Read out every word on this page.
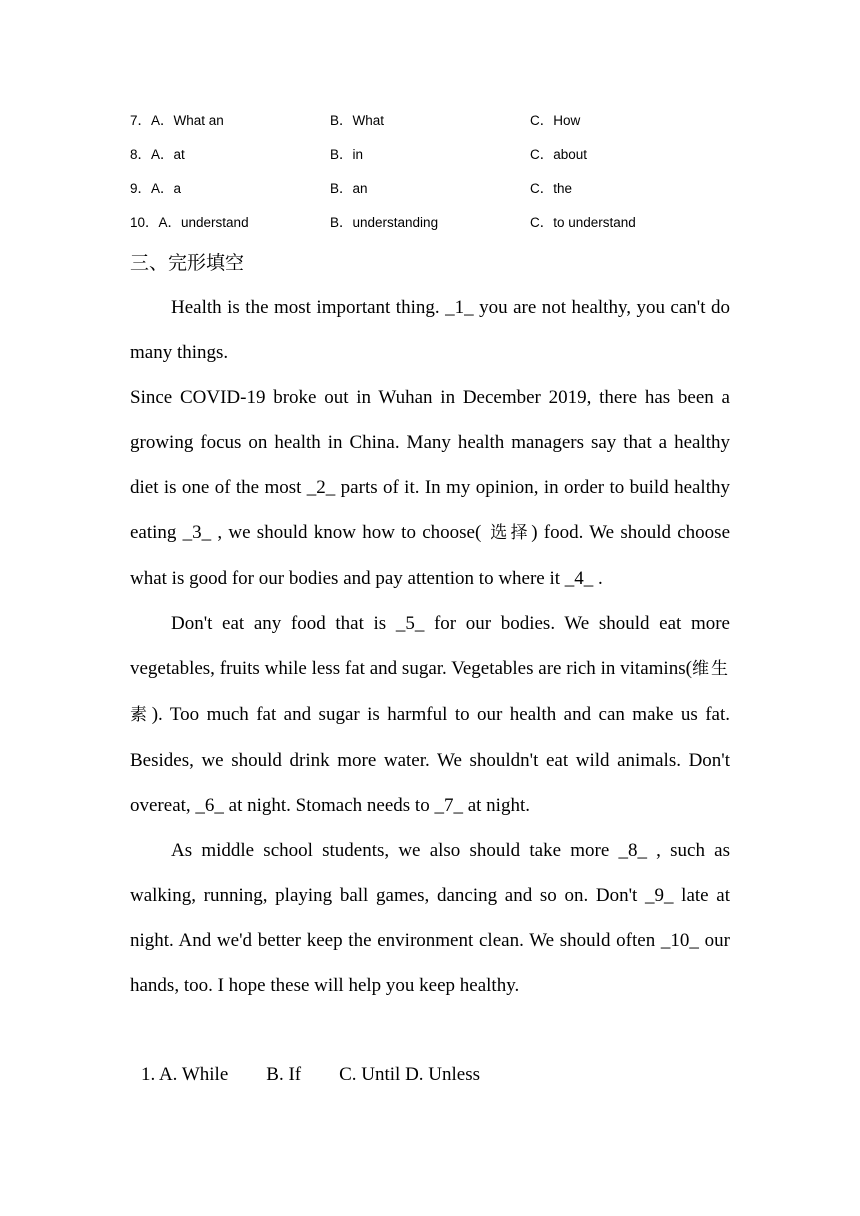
7．A．What an	B．What	C．How
8．A．at	B．in	C．about
9．A．a	B．an	C．the
10．A．understand	B．understanding	C．to understand
三、完形填空

Health is the most important thing. _1_ you are not healthy, you can't do many things.

Since COVID-19 broke out in Wuhan in December 2019, there has been a growing focus on health in China. Many health managers say that a healthy diet is one of the most _2_ parts of it. In my opinion, in order to build healthy eating _3_ , we should know how to choose( 选择) food. We should choose what is good for our bodies and pay attention to where it _4_ .

Don't eat any food that is _5_ for our bodies. We should eat more vegetables, fruits while less fat and sugar. Vegetables are rich in vitamins(维生素). Too much fat and sugar is harmful to our health and can make us fat. Besides, we should drink more water. We shouldn't eat wild animals. Don't overeat, _6_ at night. Stomach needs to _7_ at night.

As middle school students, we also should take more _8_ , such as walking, running, playing ball games, dancing and so on. Don't _9_ late at night. And we'd better keep the environment clean. We should often _10_ our hands, too. I hope these will help you keep healthy.

1. A. While B. If C. Until D. Unless
